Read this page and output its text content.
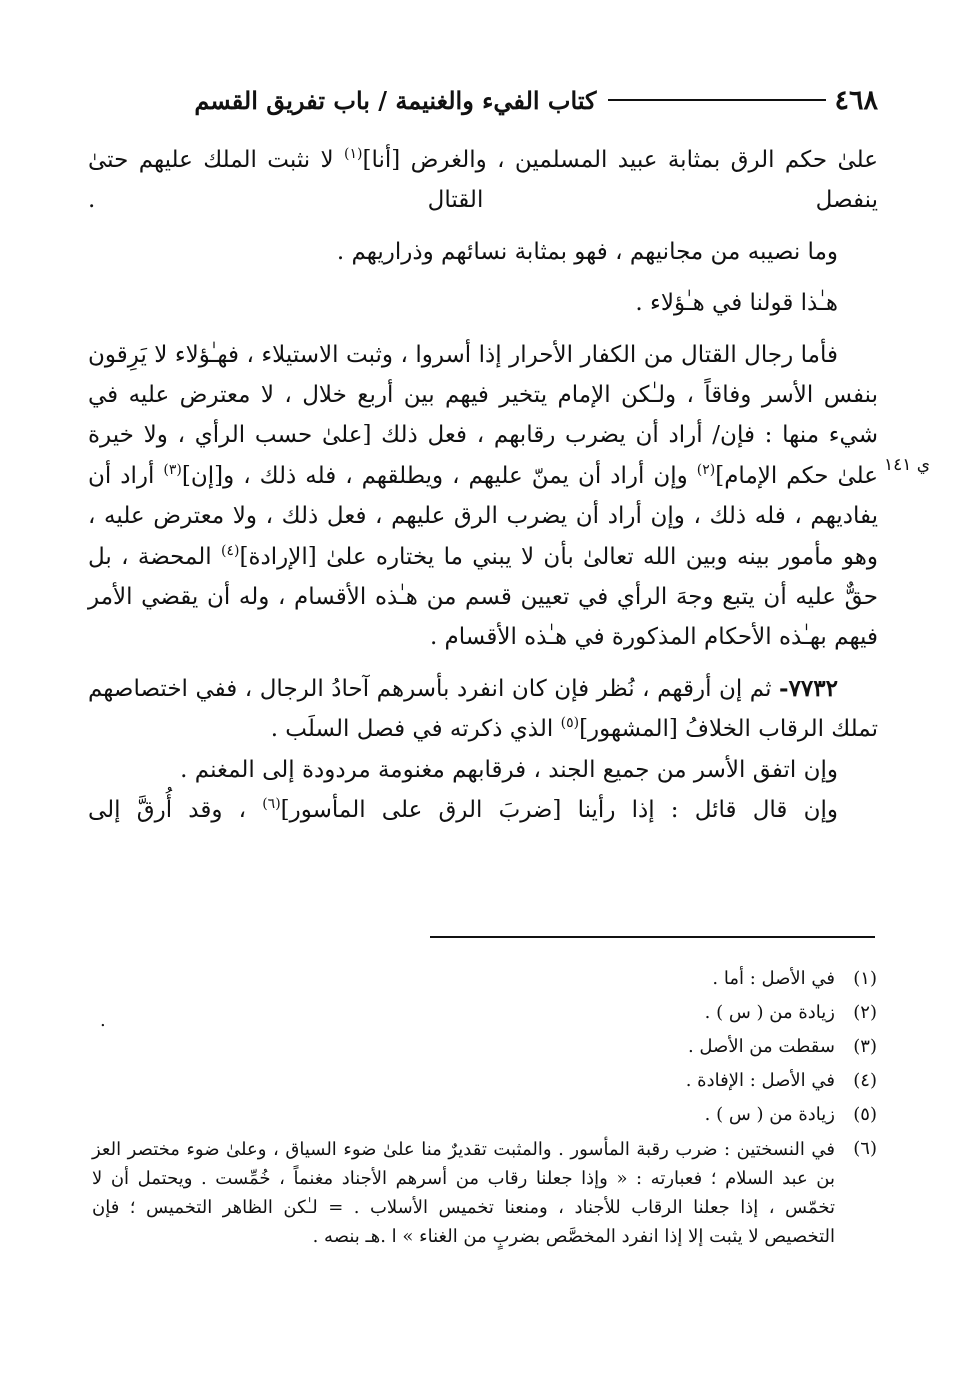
٤٦٨
كتاب الفيء والغنيمة / باب تفريق القسم
ي ١٤١

علىٰ حكم الرق بمثابة عبيد المسلمين ، والغرض [أنا]$^{(١)}$ لا نثبت الملك عليهم حتىٰ ينفصل القتال .

وما نصيبه من مجانيهم ، فهو بمثابة نسائهم وذراريهم .

هـٰذا قولنا في هـٰؤلاء .

فأما رجال القتال من الكفار الأحرار إذا أسروا ، وثبت الاستيلاء ، فهـٰؤلاء لا يَرِقون بنفس الأسر وفاقاً ، ولـٰكن الإمام يتخير فيهم بين أربع خلال ، لا معترض عليه في شيء منها : فإن/ أراد أن يضرب رقابهم ، فعل ذلك [علىٰ حسب الرأي ، ولا خيرة علىٰ حكم الإمام]$^{(٢)}$ وإن أراد أن يمنّ عليهم ، ويطلقهم ، فله ذلك ، و[إن]$^{(٣)}$ أراد أن يفاديهم ، فله ذلك ، وإن أراد أن يضرب الرق عليهم ، فعل ذلك ، ولا معترض عليه ، وهو مأمور بينه وبين الله تعالىٰ بأن لا يبني ما يختاره علىٰ [الإرادة]$^{(٤)}$ المحضة ، بل حقٌّ عليه أن يتبع وجهَ الرأي في تعيين قسم من هـٰذه الأقسام ، وله أن يقضي الأمر فيهم بهـٰذه الأحكام المذكورة في هـٰذه الأقسام .

٧٧٣٢- ثم إن أرقهم ، نُظر فإن كان انفرد بأسرهم آحادُ الرجال ، ففي اختصاصهم تملك الرقاب الخلافُ [المشهور]$^{(٥)}$ الذي ذكرته في فصل السلَب .

وإن اتفق الأسر من جميع الجند ، فرقابهم مغنومة مردودة إلى المغنم .

وإن قال قائل : إذا رأينا [ضربَ الرق على المأسور]$^{(٦)}$ ، وقد أُرقَّ إلى

(١)
في الأصل : أما .
(٢)
زيادة من ( س ) .
(٣)
سقطت من الأصل .
(٤)
في الأصل : الإفادة .
(٥)
زيادة من ( س ) .
(٦)
في النسختين : ضرب رقبة المأسور . والمثبت تقديرٌ منا علىٰ ضوء السياق ، وعلىٰ ضوء مختصر العز بن عبد السلام ؛ فعبارته : « وإذا جعلنا رقاب من أسرهم الأجناد مغنماً ، خُمِّست . ويحتمل أن لا تخمّس ، إذا جعلنا الرقاب للأجناد ، ومنعنا تخميس الأسلاب . = لـٰكن الظاهر التخميس ؛ فإن التخصيص لا يثبت إلا إذا انفرد المخصَّص بضربٍ من الغناء » ا .هـ بنصه .
.
